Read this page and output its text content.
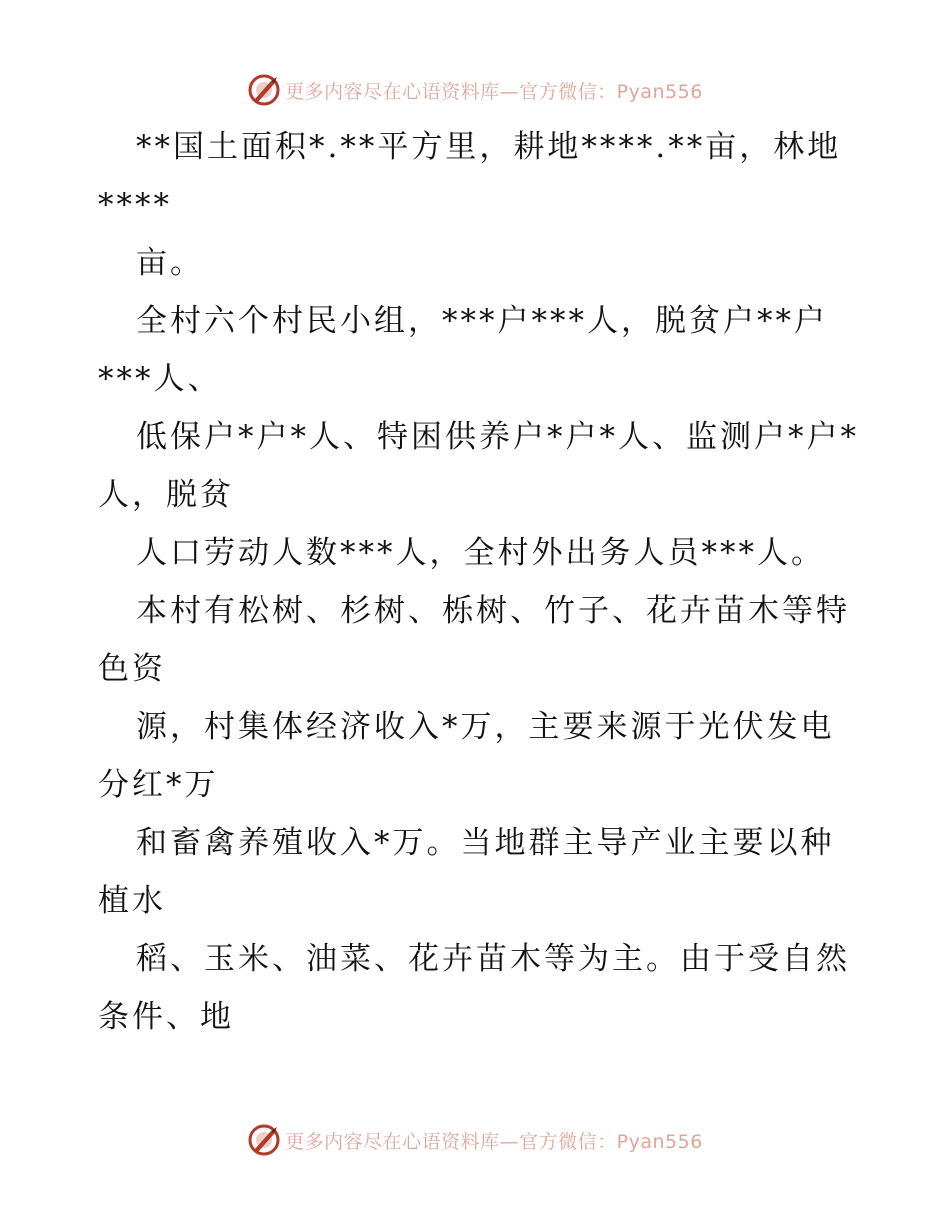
更多内容尽在心语资料库—官方微信：Pyan556
**国土面积*.**平方里，耕地****.**亩，林地
****
亩。
全村六个村民小组，***户***人，脱贫户**户
***人、
低保户*户*人、特困供养户*户*人、监测户*户*
人，脱贫
人口劳动人数***人，全村外出务人员***人。
本村有松树、杉树、栎树、竹子、花卉苗木等特
色资
源，村集体经济收入*万，主要来源于光伏发电
分红*万
和畜禽养殖收入*万。当地群主导产业主要以种
植水
稻、玉米、油菜、花卉苗木等为主。由于受自然
条件、地
更多内容尽在心语资料库—官方微信：Pyan556
